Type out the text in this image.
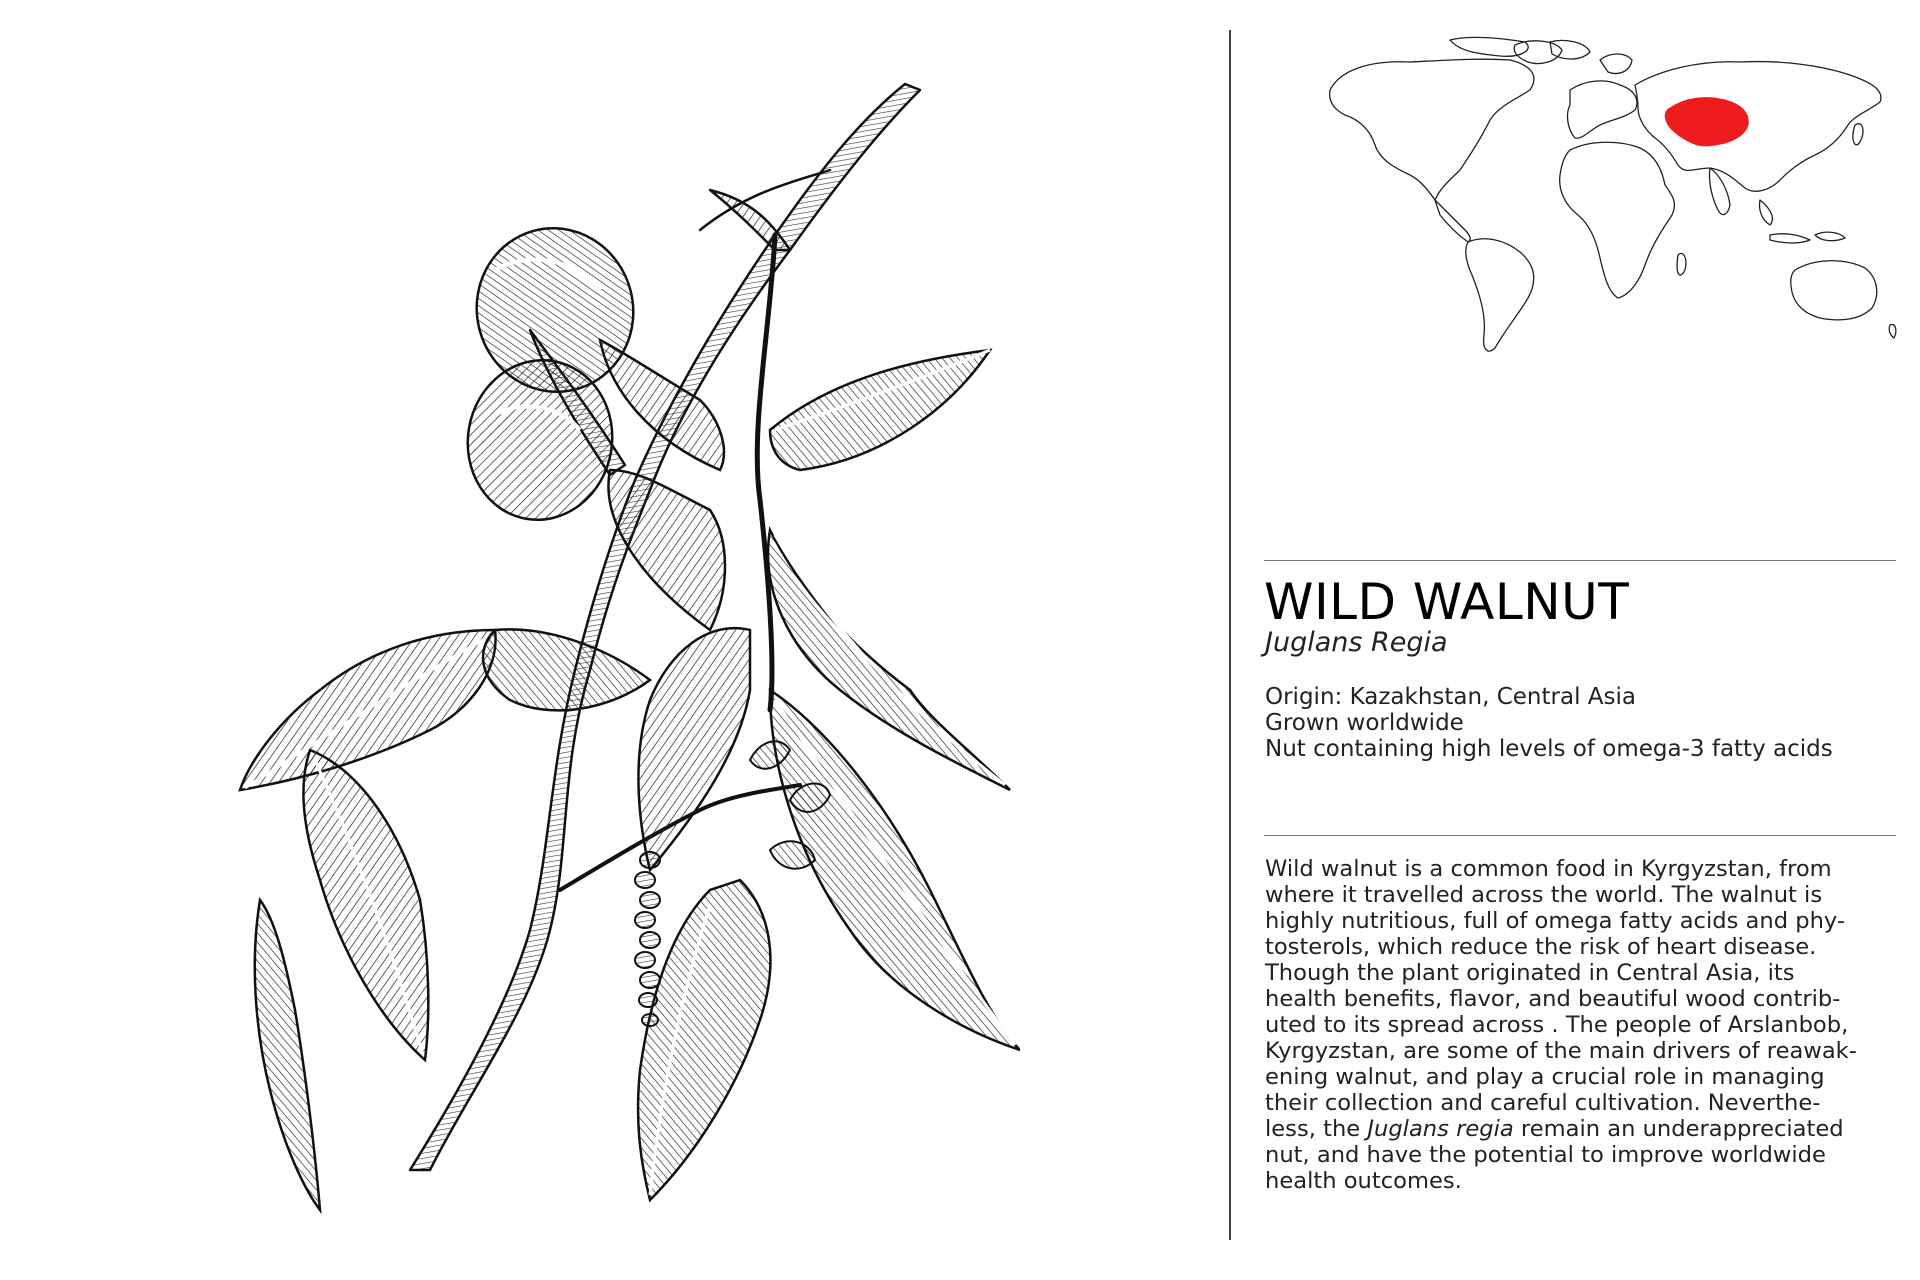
WILD WALNUT
Juglans Regia
Origin: Kazakhstan, Central Asia
Grown worldwide
Nut containing high levels of omega-3 fatty acids
Wild walnut is a common food in Kyrgyzstan, from
where it travelled across the world. The walnut is
highly nutritious, full of omega fatty acids and phy-
tosterols, which reduce the risk of heart disease.
Though the plant originated in Central Asia, its
health benefits, flavor, and beautiful wood contrib-
uted to its spread across . The people of Arslanbob,
Kyrgyzstan, are some of the main drivers of reawak-
ening walnut, and play a crucial role in managing
their collection and careful cultivation. Neverthe-
less, the Juglans regia remain an underappreciated
nut, and have the potential to improve worldwide
health outcomes.
